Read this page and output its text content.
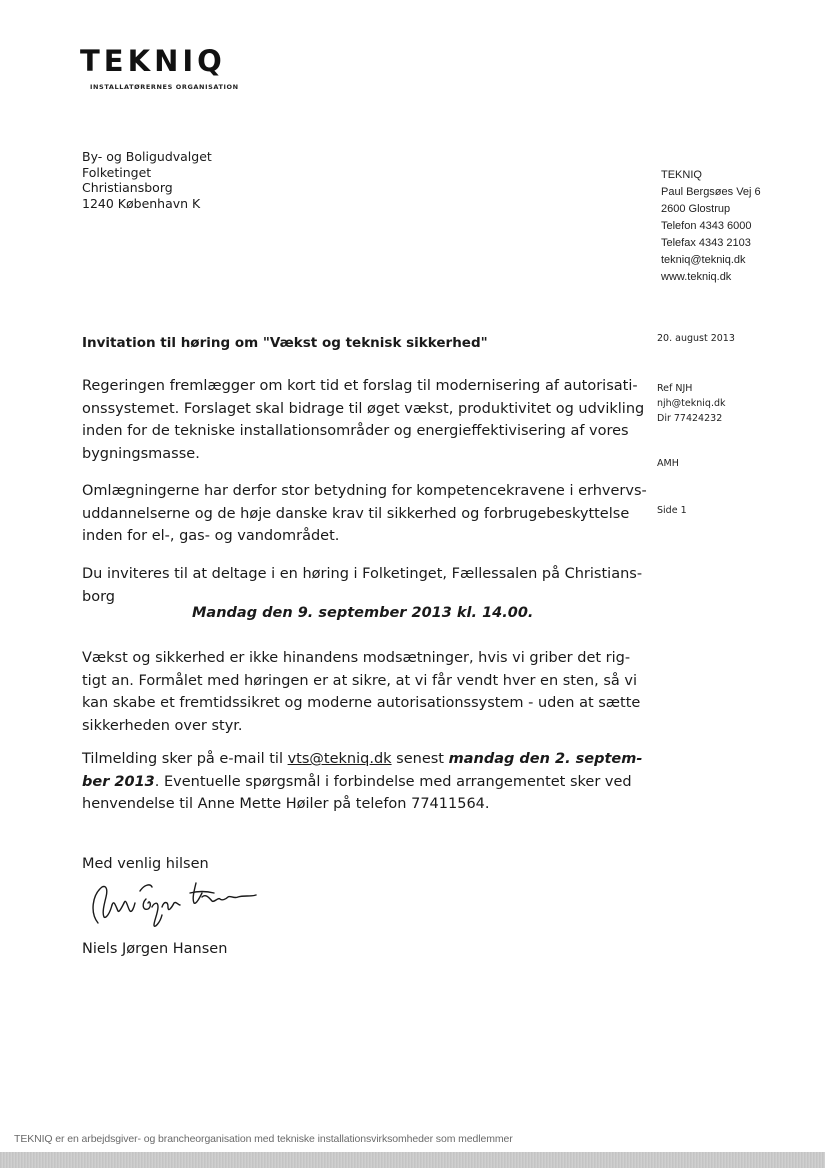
TEKNIQ
INSTALLATØRERNES ORGANISATION
By- og Boligudvalget
Folketinget
Christiansborg
1240 København K
TEKNIQ
Paul Bergsøes Vej 6
2600 Glostrup
Telefon 4343 6000
Telefax 4343 2103
tekniq@tekniq.dk
www.tekniq.dk
Invitation til høring om "Vækst og teknisk sikkerhed"	20. august 2013
Ref NJH
njh@tekniq.dk
Dir 77424232
AMH
Side 1
Regeringen fremlægger om kort tid et forslag til modernisering af autorisati-
onssystemet. Forslaget skal bidrage til øget vækst, produktivitet og udvikling
inden for de tekniske installationsområder og energieffektivisering af vores
bygningsmasse.
Omlægningerne har derfor stor betydning for kompetencekravene i erhvervs-
uddannelserne og de høje danske krav til sikkerhed og forbrugebeskyttelse
inden for el-, gas- og vandområdet.
Du inviteres til at deltage i en høring i Folketinget, Fællessalen på Christians-
borg
Mandag den 9. september 2013 kl. 14.00.
Vækst og sikkerhed er ikke hinandens modsætninger, hvis vi griber det rig-
tigt an. Formålet med høringen er at sikre, at vi får vendt hver en sten, så vi
kan skabe et fremtidssikret og moderne autorisationssystem - uden at sætte
sikkerheden over styr.
Tilmelding sker på e-mail til vts@tekniq.dk senest mandag den 2. septem-
ber 2013. Eventuelle spørgsmål i forbindelse med arrangementet sker ved
henvendelse til Anne Mette Høiler på telefon 77411564.
Med venlig hilsen
Niels Jørgen Hansen
TEKNIQ er en arbejdsgiver- og brancheorganisation med tekniske installationsvirksomheder som medlemmer
